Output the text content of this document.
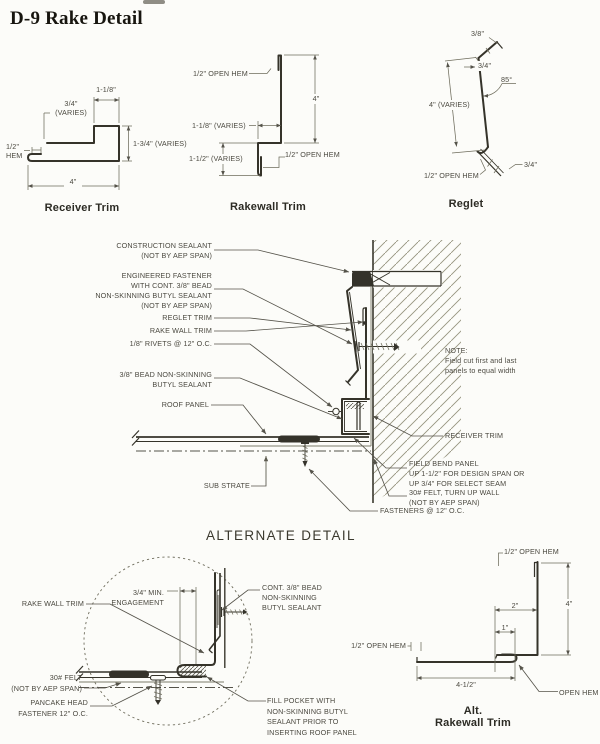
D-9 Rake Detail
1-1/8"
3/4"
(VARIES)
1/2"
HEM
1-3/4" (VARIES)
4"
Receiver Trim
1/2" OPEN HEM
4"
1-1/8" (VARIES)
1-1/2" (VARIES)	1/2" OPEN HEM
Rakewall Trim
3/8"
3/4"
85°
4" (VARIES)
3/4"
1/2" OPEN HEM
Reglet
CONSTRUCTION SEALANT
(NOT BY AEP SPAN)
ENGINEERED FASTENER
WITH CONT. 3/8" BEAD
NON-SKINNING BUTYL SEALANT
(NOT BY AEP SPAN)
REGLET TRIM
RAKE WALL TRIM
1/8" RIVETS @ 12" O.C.
3/8" BEAD NON-SKINNING
BUTYL SEALANT
ROOF PANEL
SUB STRATE
NOTE:
Field cut first and last
panels to equal width
RECEIVER TRIM
FIELD BEND PANEL
UP 1-1/2" FOR DESIGN SPAN OR
UP 3/4" FOR SELECT SEAM
30# FELT, TURN UP WALL
(NOT BY AEP SPAN)
FASTENERS @ 12" O.C.
ALTERNATE DETAIL
RAKE WALL TRIM
3/4" MIN.
ENGAGEMENT
CONT. 3/8" BEAD
NON-SKINNING
BUTYL SEALANT
30# FELT
(NOT BY AEP SPAN)
PANCAKE HEAD
FASTENER 12" O.C.
FILL POCKET WITH
NON-SKINNING BUTYL
SEALANT PRIOR TO
INSERTING ROOF PANEL
1/2" OPEN HEM
4"
2"
1"
1/2" OPEN HEM
4-1/2"
OPEN HEM
Alt.
Rakewall Trim
